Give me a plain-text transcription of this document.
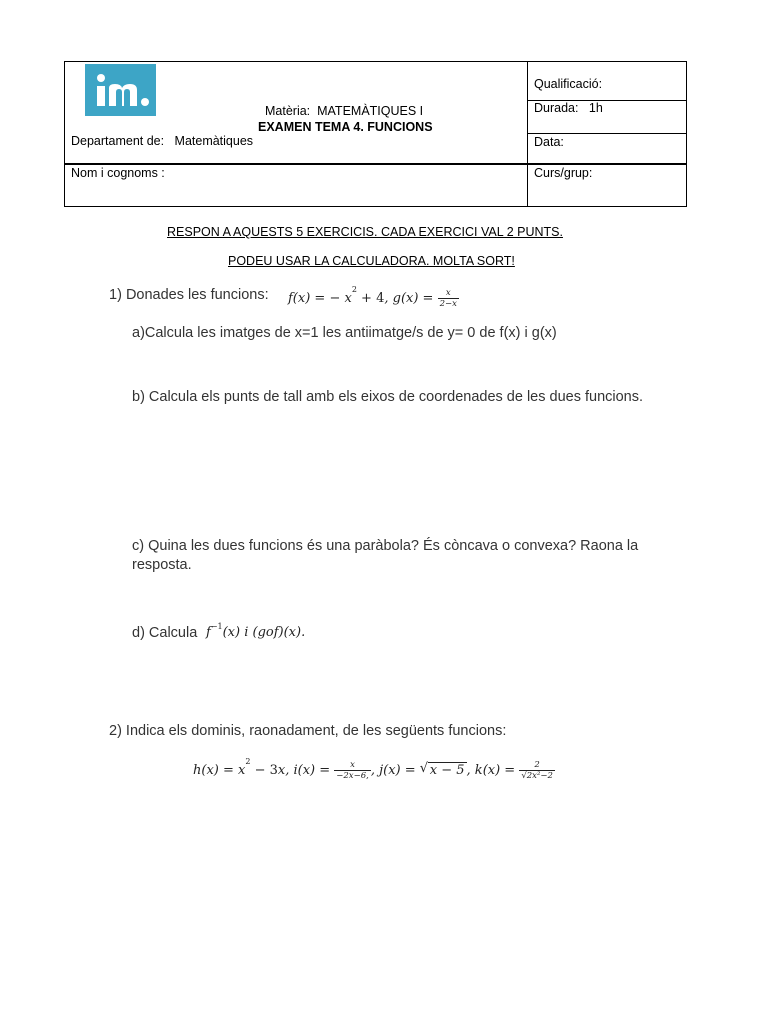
Matèria: MATEMÀTIQUES I
EXAMEN TEMA 4. FUNCIONS
Departament de: Matemàtiques
Qualificació:
Durada: 1h
Data:
Nom i cognoms :	Curs/grup:
RESPON A AQUESTS 5 EXERCICIS. CADA EXERCICI VAL 2 PUNTS.
PODEU USAR LA CALCULADORA. MOLTA SORT!
1) Donades les funcions: f(x) = − $x^2 + 4$, $g(x) = \frac{x}{2-x}$
a)Calcula les imatges de x=1 les antiimatge/s de y= 0 de f(x) i g(x)
b) Calcula els punts de tall amb els eixos de coordenades de les dues funcions.
c) Quina les dues funcions és una paràbola? És còncava o convexa? Raona la resposta.
d) Calcula $f^{-1}(x)$ i (gof)(x).
2) Indica els dominis, raonadament, de les següents funcions:
$h(x) = x^2 - 3x$, $i(x) = \frac{x}{-2x-6,}$ , j(x) = √ x − 5 , $k(x) = \frac{2}{\text{√2x²−2}}$
